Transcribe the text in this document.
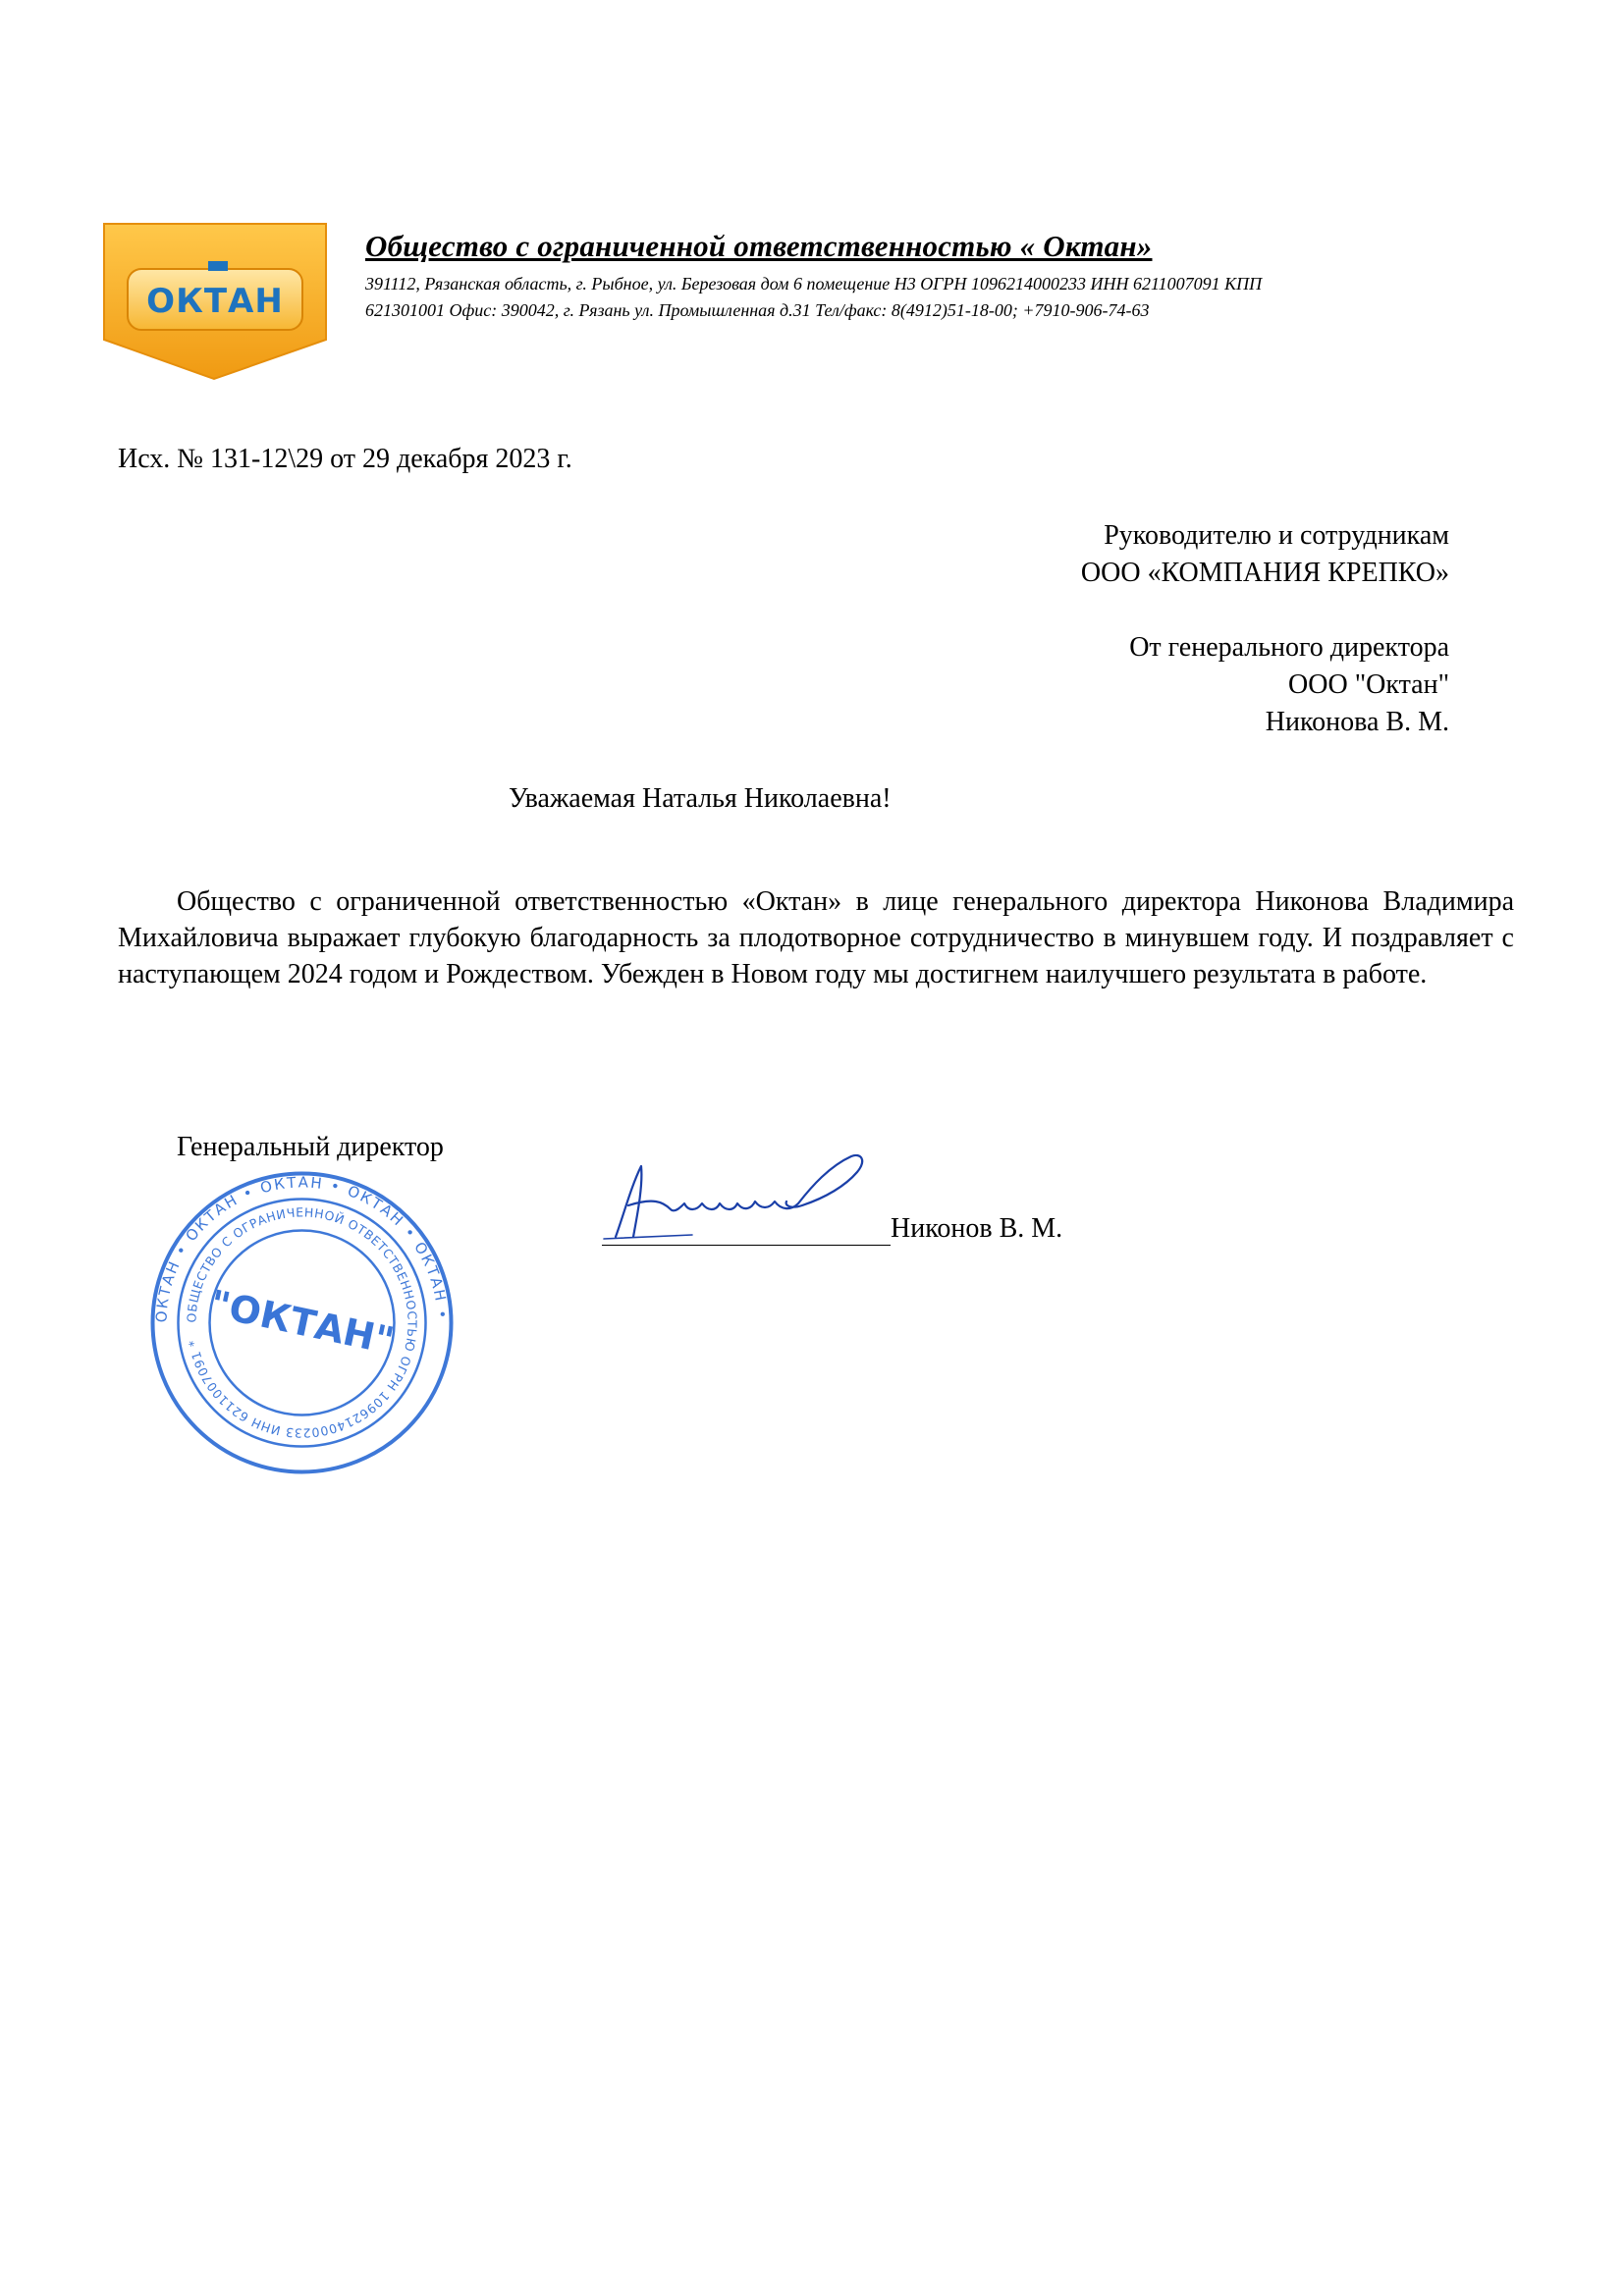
ОКТАН
Общество с ограниченной ответственностью « Октан»
391112, Рязанская область, г. Рыбное, ул. Березовая дом 6 помещение Н3 ОГРН 1096214000233 ИНН 6211007091 КПП
621301001 Офис: 390042, г. Рязань ул. Промышленная д.31 Тел/факс: 8(4912)51-18-00; +7910-906-74-63
Исх. № 131-12\29 от 29 декабря 2023 г.
Руководителю и сотрудникам
ООО «КОМПАНИЯ КРЕПКО»
От генерального директора
ООО "Октан"
Никонова В. М.
Уважаемая Наталья Николаевна!
Общество с ограниченной ответственностью «Октан» в лице генерального директора Никонова Владимира Михайловича выражает глубокую благодарность за плодотворное сотрудничество в минувшем году. И поздравляет с наступающем 2024 годом и Рождеством. Убежден в Новом году мы достигнем наилучшего результата в работе.
Генеральный директор
ОКТАН • ОКТАН • ОКТАН • ОКТАН • ОКТАН •
ОБЩЕСТВО С ОГРАНИЧЕННОЙ ОТВЕТСТВЕННОСТЬЮ ОГРН 1096214000233 ИНН 6211007091 * "ОКТАН"
Никонов В. М.
